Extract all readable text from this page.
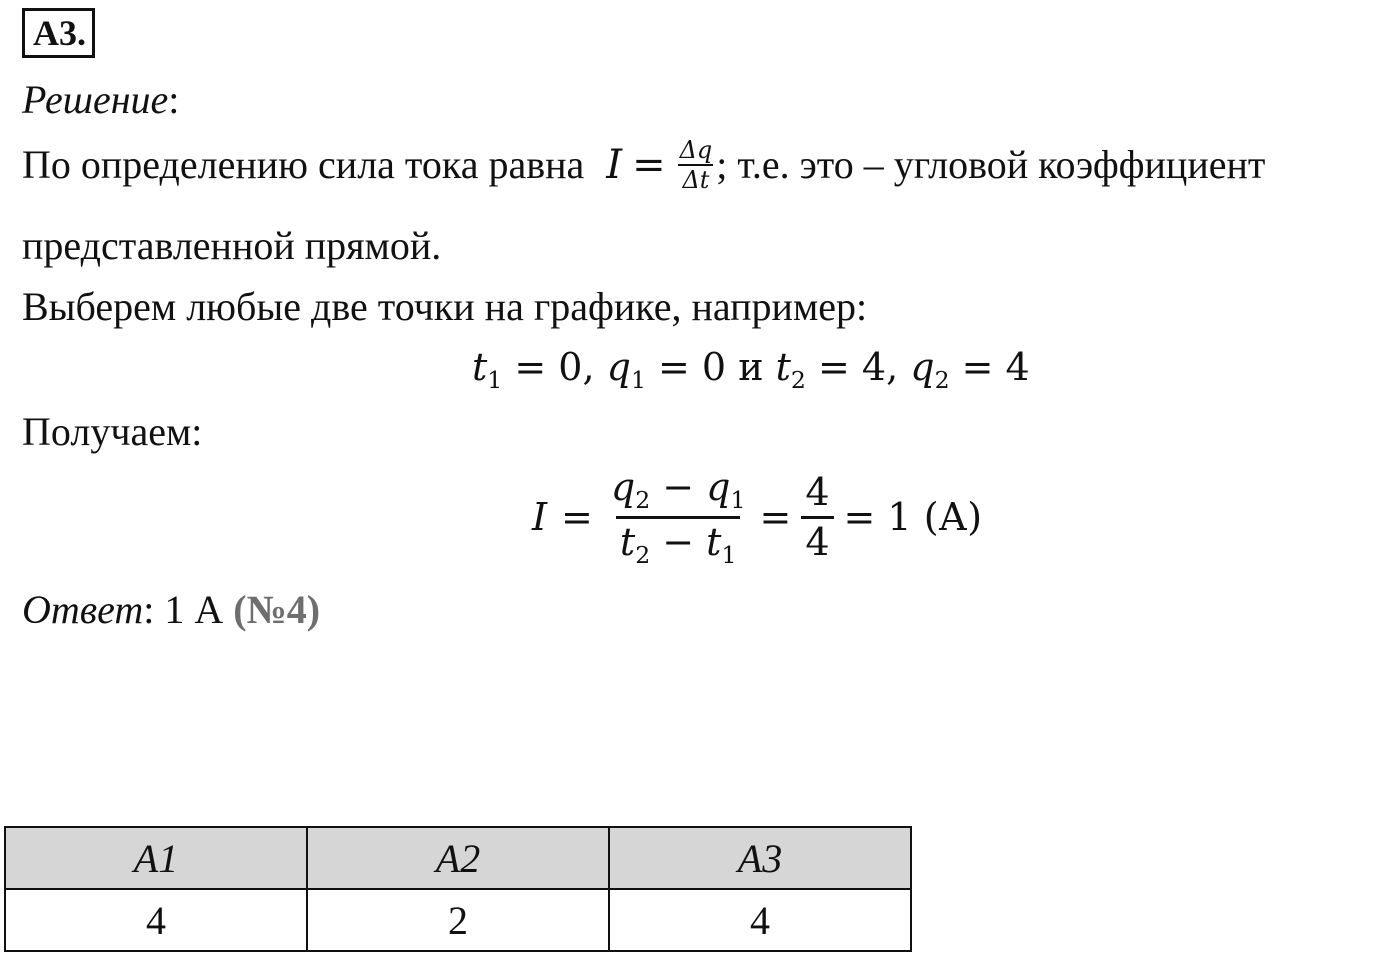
А3.
Решение:
По определению сила тока равна $I = \frac{\Delta q}{\Delta t}$ ; т.е. это – угловой коэффициент
представленной прямой.
Выберем любые две точки на графике, например:
$t_1 = 0$, $q_1 = 0$ и $t_2 = 4$, $q_2 = 4$
Получаем:
$I = \frac{q_2 - q_1}{t_2 - t_1} = \frac{4}{4} = 1$ (А)
Ответ: 1 А (№4)
А1	А2	А3
4	2	4
